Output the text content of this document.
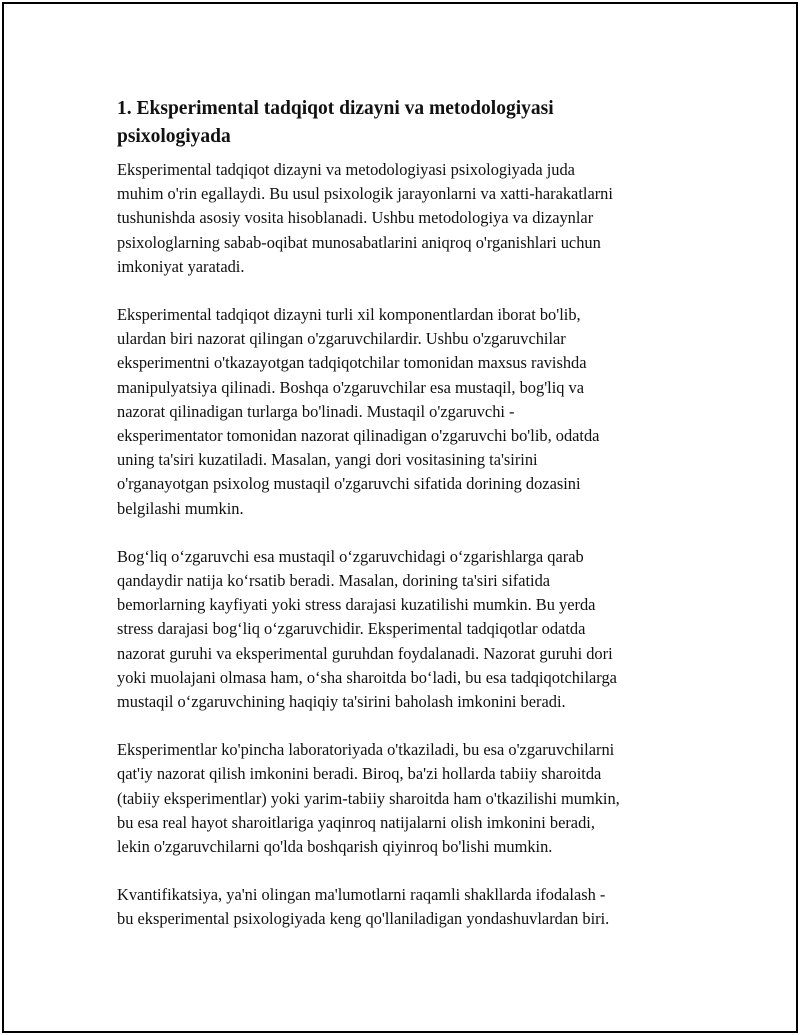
1. Eksperimental tadqiqot dizayni va metodologiyasi
psixologiyada

Eksperimental tadqiqot dizayni va metodologiyasi psixologiyada juda
muhim o'rin egallaydi. Bu usul psixologik jarayonlarni va xatti-harakatlarni
tushunishda asosiy vosita hisoblanadi. Ushbu metodologiya va dizaynlar
psixologlarning sabab-oqibat munosabatlarini aniqroq o'rganishlari uchun
imkoniyat yaratadi.

Eksperimental tadqiqot dizayni turli xil komponentlardan iborat bo'lib,
ulardan biri nazorat qilingan o'zgaruvchilardir. Ushbu o'zgaruvchilar
eksperimentni o'tkazayotgan tadqiqotchilar tomonidan maxsus ravishda
manipulyatsiya qilinadi. Boshqa o'zgaruvchilar esa mustaqil, bog'liq va
nazorat qilinadigan turlarga bo'linadi. Mustaqil o'zgaruvchi -
eksperimentator tomonidan nazorat qilinadigan o'zgaruvchi bo'lib, odatda
uning ta'siri kuzatiladi. Masalan, yangi dori vositasining ta'sirini
o'rganayotgan psixolog mustaqil o'zgaruvchi sifatida dorining dozasini
belgilashi mumkin.

Bog‘liq o‘zgaruvchi esa mustaqil o‘zgaruvchidagi o‘zgarishlarga qarab
qandaydir natija ko‘rsatib beradi. Masalan, dorining ta'siri sifatida
bemorlarning kayfiyati yoki stress darajasi kuzatilishi mumkin. Bu yerda
stress darajasi bog‘liq o‘zgaruvchidir. Eksperimental tadqiqotlar odatda
nazorat guruhi va eksperimental guruhdan foydalanadi. Nazorat guruhi dori
yoki muolajani olmasa ham, o‘sha sharoitda bo‘ladi, bu esa tadqiqotchilarga
mustaqil o‘zgaruvchining haqiqiy ta'sirini baholash imkonini beradi.

Eksperimentlar ko'pincha laboratoriyada o'tkaziladi, bu esa o'zgaruvchilarni
qat'iy nazorat qilish imkonini beradi. Biroq, ba'zi hollarda tabiiy sharoitda
(tabiiy eksperimentlar) yoki yarim-tabiiy sharoitda ham o'tkazilishi mumkin,
bu esa real hayot sharoitlariga yaqinroq natijalarni olish imkonini beradi,
lekin o'zgaruvchilarni qo'lda boshqarish qiyinroq bo'lishi mumkin.

Kvantifikatsiya, ya'ni olingan ma'lumotlarni raqamli shakllarda ifodalash -
bu eksperimental psixologiyada keng qo'llaniladigan yondashuvlardan biri.
